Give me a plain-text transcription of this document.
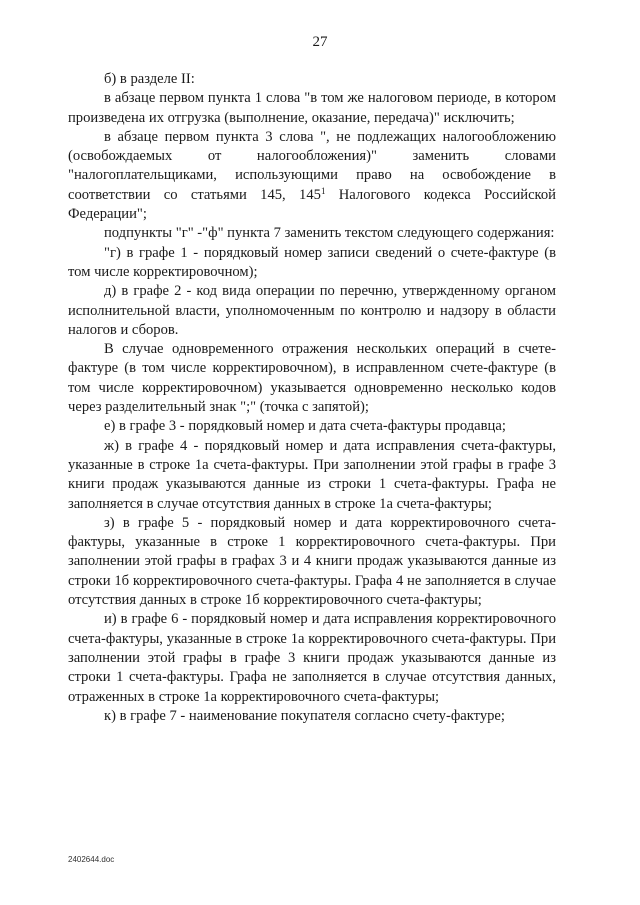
27

б) в разделе II:

в абзаце первом пункта 1 слова "в том же налоговом периоде, в котором произведена их отгрузка (выполнение, оказание, передача)" исключить;

в абзаце первом пункта 3 слова ", не подлежащих налогообложению (освобождаемых от налогообложения)" заменить словами "налогоплательщиками, использующими право на освобождение в соответствии со статьями 145, $145^1$ Налогового кодекса Российской Федерации";

подпункты "г" -"ф" пункта 7 заменить текстом следующего содержания:

"г) в графе 1 - порядковый номер записи сведений о счете-фактуре (в том числе корректировочном);

д) в графе 2 - код вида операции по перечню, утвержденному органом исполнительной власти, уполномоченным по контролю и надзору в области налогов и сборов.

В случае одновременного отражения нескольких операций в счете-фактуре (в том числе корректировочном), в исправленном счете-фактуре (в том числе корректировочном) указывается одновременно несколько кодов через разделительный знак ";" (точка с запятой);

е) в графе 3 - порядковый номер и дата счета-фактуры продавца;

ж) в графе 4 - порядковый номер и дата исправления счета-фактуры, указанные в строке 1а счета-фактуры. При заполнении этой графы в графе 3 книги продаж указываются данные из строки 1 счета-фактуры. Графа не заполняется в случае отсутствия данных в строке 1а счета-фактуры;

з) в графе 5 - порядковый номер и дата корректировочного счета-фактуры, указанные в строке 1 корректировочного счета-фактуры. При заполнении этой графы в графах 3 и 4 книги продаж указываются данные из строки 1б корректировочного счета-фактуры. Графа 4 не заполняется в случае отсутствия данных в строке 1б корректировочного счета-фактуры;

и) в графе 6 - порядковый номер и дата исправления корректировочного счета-фактуры, указанные в строке 1а корректировочного счета-фактуры. При заполнении этой графы в графе 3 книги продаж указываются данные из строки 1 счета-фактуры. Графа не заполняется в случае отсутствия данных, отраженных в строке 1а корректировочного счета-фактуры;

к) в графе 7 - наименование покупателя согласно счету-фактуре;

2402644.doc
